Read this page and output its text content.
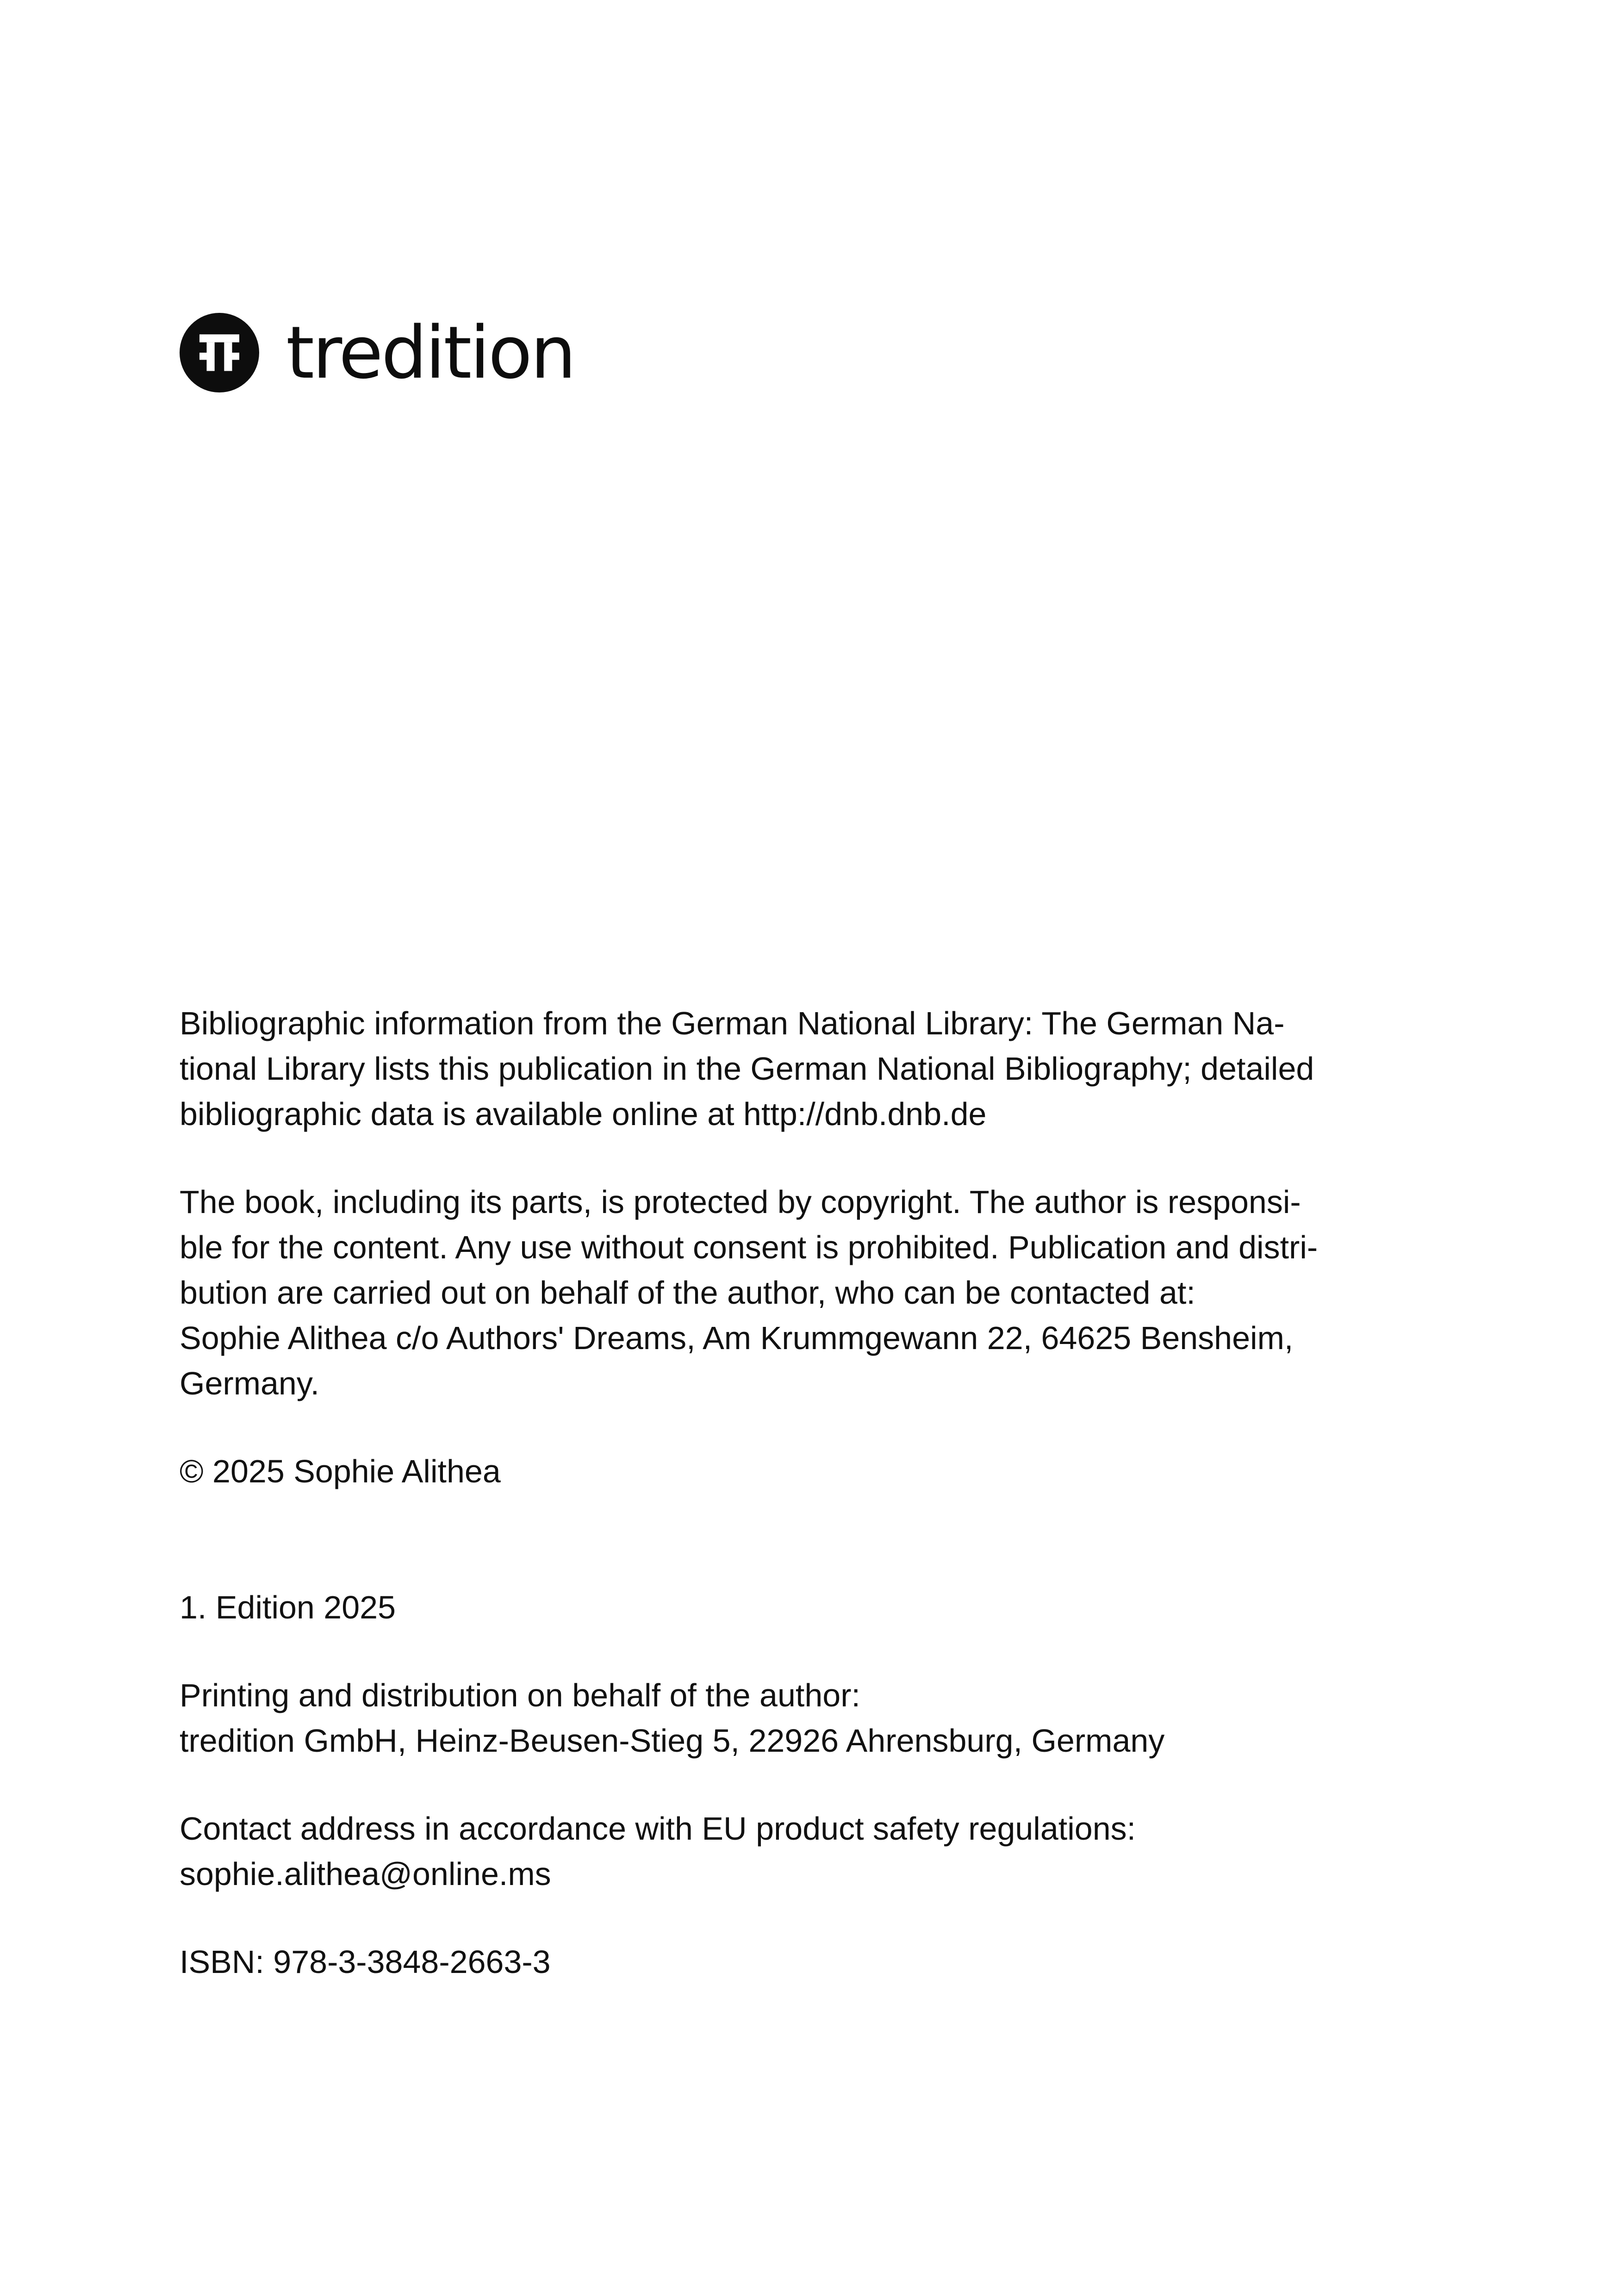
tredition

Bibliographic information from the German National Library: The German Na-

tional Library lists this publication in the German National Bibliography; detailed

bibliographic data is available online at http://dnb.dnb.de

The book, including its parts, is protected by copyright. The author is responsi-

ble for the content. Any use without consent is prohibited. Publication and distri-

bution are carried out on behalf of the author, who can be contacted at:

Sophie Alithea c/o Authors' Dreams, Am Krummgewann 22, 64625 Bensheim,

Germany.

© 2025 Sophie Alithea

1. Edition 2025

Printing and distribution on behalf of the author:

tredition GmbH, Heinz-Beusen-Stieg 5, 22926 Ahrensburg, Germany

Contact address in accordance with EU product safety regulations:

sophie.alithea@online.ms

ISBN: 978-3-3848-2663-3
